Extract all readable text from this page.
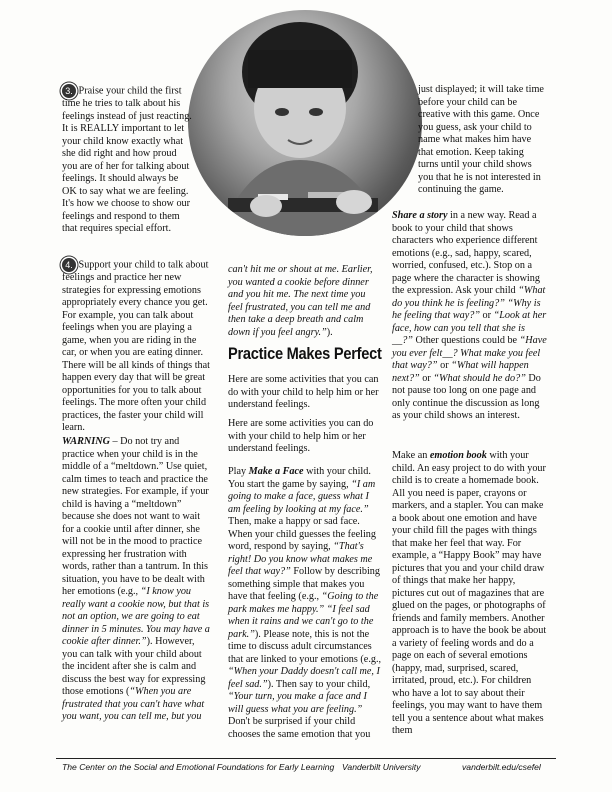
3. Praise your child the first time he tries to talk about his feelings instead of just reacting. It is REALLY important to let your child know exactly what she did right and how proud you are of her for talking about feelings. It should always be OK to say what we are feeling. It's how we choose to show our feelings and respond to them that requires special effort.

4. Support your child to talk about feelings and practice her new strategies for expressing emotions appropriately every chance you get. For example, you can talk about feelings when you are playing a game, when you are riding in the car, or when you are eating dinner. There will be all kinds of things that happen every day that will be great opportunities for you to talk about feelings. The more often your child practices, the faster your child will learn.

WARNING – Do not try and practice when your child is in the middle of a “meltdown.” Use quiet, calm times to teach and practice the new strategies. For example, if your child is having a “meltdown” because she does not want to wait for a cookie until after dinner, she will not be in the mood to practice expressing her frustration with words, rather than a tantrum. In this situation, you have to be dealt with her emotions (e.g., “I know you really want a cookie now, but that is not an option, we are going to eat dinner in 5 minutes. You may have a cookie after dinner.”). However, you can talk with your child about the incident after she is calm and discuss the best way for expressing those emotions (“When you are frustrated that you can't have what you want, you can tell me, but you

can't hit me or shout at me. Earlier, you wanted a cookie before dinner and you hit me. The next time you feel frustrated, you can tell me and then take a deep breath and calm down if you feel angry.”).

Practice Makes Perfect

Here are some activities that you can do with your child to help him or her understand feelings.

Here are some activities you can do with your child to help him or her understand feelings.

Play Make a Face with your child. You start the game by saying, “I am going to make a face, guess what I am feeling by looking at my face.” Then, make a happy or sad face. When your child guesses the feeling word, respond by saying, “That's right! Do you know what makes me feel that way?” Follow by describing something simple that makes you have that feeling (e.g., “Going to the park makes me happy.” “I feel sad when it rains and we can't go to the park.”). Please note, this is not the time to discuss adult circumstances that are linked to your emotions (e.g., “When your Daddy doesn't call me, I feel sad.”). Then say to your child, “Your turn, you make a face and I will guess what you are feeling.” Don't be surprised if your child chooses the same emotion that you

just displayed; it will take time before your child can be creative with this game. Once you guess, ask your child to name what makes him have that emotion. Keep taking turns until your child shows you that he is not interested in continuing the game.

Share a story in a new way. Read a book to your child that shows characters who experience different emotions (e.g., sad, happy, scared, worried, confused, etc.). Stop on a page where the character is showing the expression. Ask your child “What do you think he is feeling?” “Why is he feeling that way?” or “Look at her face, how can you tell that she is __?” Other questions could be “Have you ever felt__? What make you feel that way?” or “What will happen next?” or “What should he do?” Do not pause too long on one page and only continue the discussion as long as your child shows an interest.

Make an emotion book with your child. An easy project to do with your child is to create a homemade book. All you need is paper, crayons or markers, and a stapler. You can make a book about one emotion and have your child fill the pages with things that make her feel that way. For example, a “Happy Book” may have pictures that you and your child draw of things that make her happy, pictures cut out of magazines that are glued on the pages, or photographs of friends and family members. Another approach is to have the book be about a variety of feeling words and do a page on each of several emotions (happy, mad, surprised, scared, irritated, proud, etc.). For children who have a lot to say about their feelings, you may want to have them tell you a sentence about what makes them

The Center on the Social and Emotional Foundations for Early Learning Vanderbilt University	vanderbilt.edu/csefel
